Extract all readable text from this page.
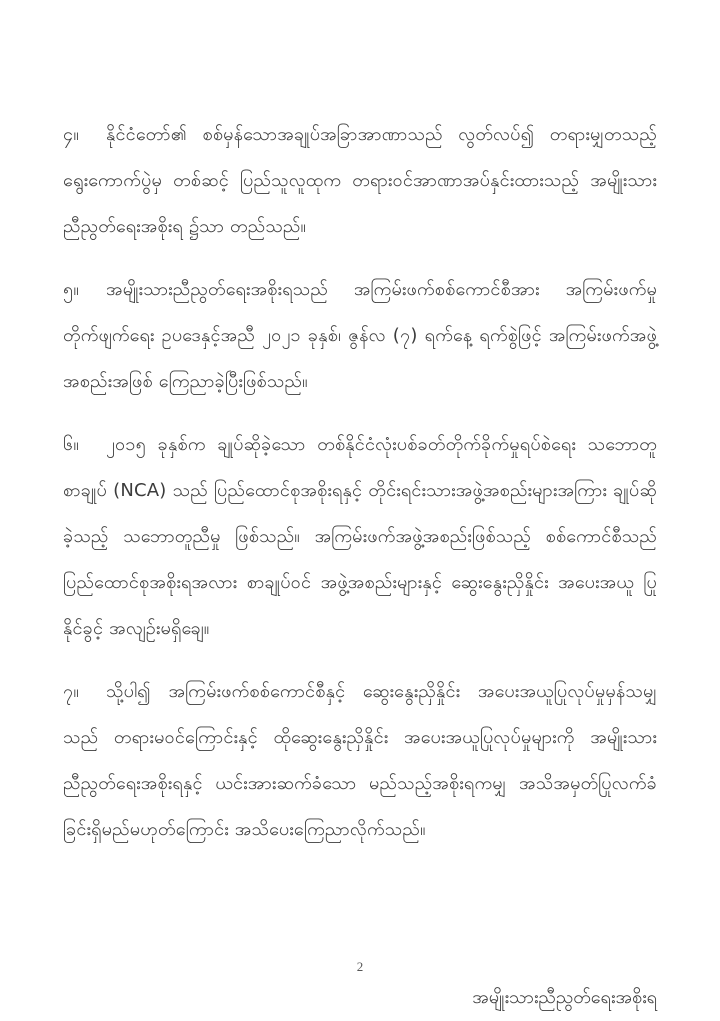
၄။ နိုင်ငံတော်၏ စစ်မှန်သောအချုပ်အခြာအာဏာသည် လွတ်လပ်၍ တရားမျှတသည့် ရွေးကောက်ပွဲမှ တစ်ဆင့် ပြည်သူလူထုက တရားဝင်အာဏာအပ်နှင်းထားသည့် အမျိုးသားညီညွတ်ရေးအစိုးရ ၌သာ တည်သည်။

၅။ အမျိုးသားညီညွတ်ရေးအစိုးရသည် အကြမ်းဖက်စစ်ကောင်စီအား အကြမ်းဖက်မှု တိုက်ဖျက်ရေး ဥပဒေနှင့်အညီ ၂၀၂၁ ခုနှစ်၊ ဇွန်လ (၇) ရက်နေ့ ရက်စွဲဖြင့် အကြမ်းဖက်အဖွဲ့အစည်းအဖြစ် ကြေညာခဲ့ပြီးဖြစ်သည်။

၆။ ၂၀၁၅ ခုနှစ်က ချုပ်ဆိုခဲ့သော တစ်နိုင်ငံလုံးပစ်ခတ်တိုက်ခိုက်မှုရပ်စဲရေး သဘောတူ စာချုပ် (NCA) သည် ပြည်ထောင်စုအစိုးရနှင့် တိုင်းရင်းသားအဖွဲ့အစည်းများအကြား ချုပ်ဆိုခဲ့သည့် သဘောတူညီမှု ဖြစ်သည်။ အကြမ်းဖက်အဖွဲ့အစည်းဖြစ်သည့် စစ်ကောင်စီသည် ပြည်ထောင်စုအစိုးရအလား စာချုပ်ဝင် အဖွဲ့အစည်းများနှင့် ဆွေးနွေးညှိနှိုင်း အပေးအယူ ပြုနိုင်ခွင့် အလျဉ်းမရှိချေ။

၇။ သို့ပါ၍ အကြမ်းဖက်စစ်ကောင်စီနှင့် ဆွေးနွေးညှိနှိုင်း အပေးအယူပြုလုပ်မှုမှန်သမျှ သည် တရားမဝင်ကြောင်းနှင့် ထိုဆွေးနွေးညှိနှိုင်း အပေးအယူပြုလုပ်မှုများကို အမျိုးသားညီညွတ်ရေးအစိုးရနှင့် ယင်းအားဆက်ခံသော မည်သည့်အစိုးရကမျှ အသိအမှတ်ပြုလက်ခံခြင်းရှိမည်မဟုတ်ကြောင်း အသိပေးကြေညာလိုက်သည်။

အမျိုးသားညီညွတ်ရေးအစိုးရ
2
